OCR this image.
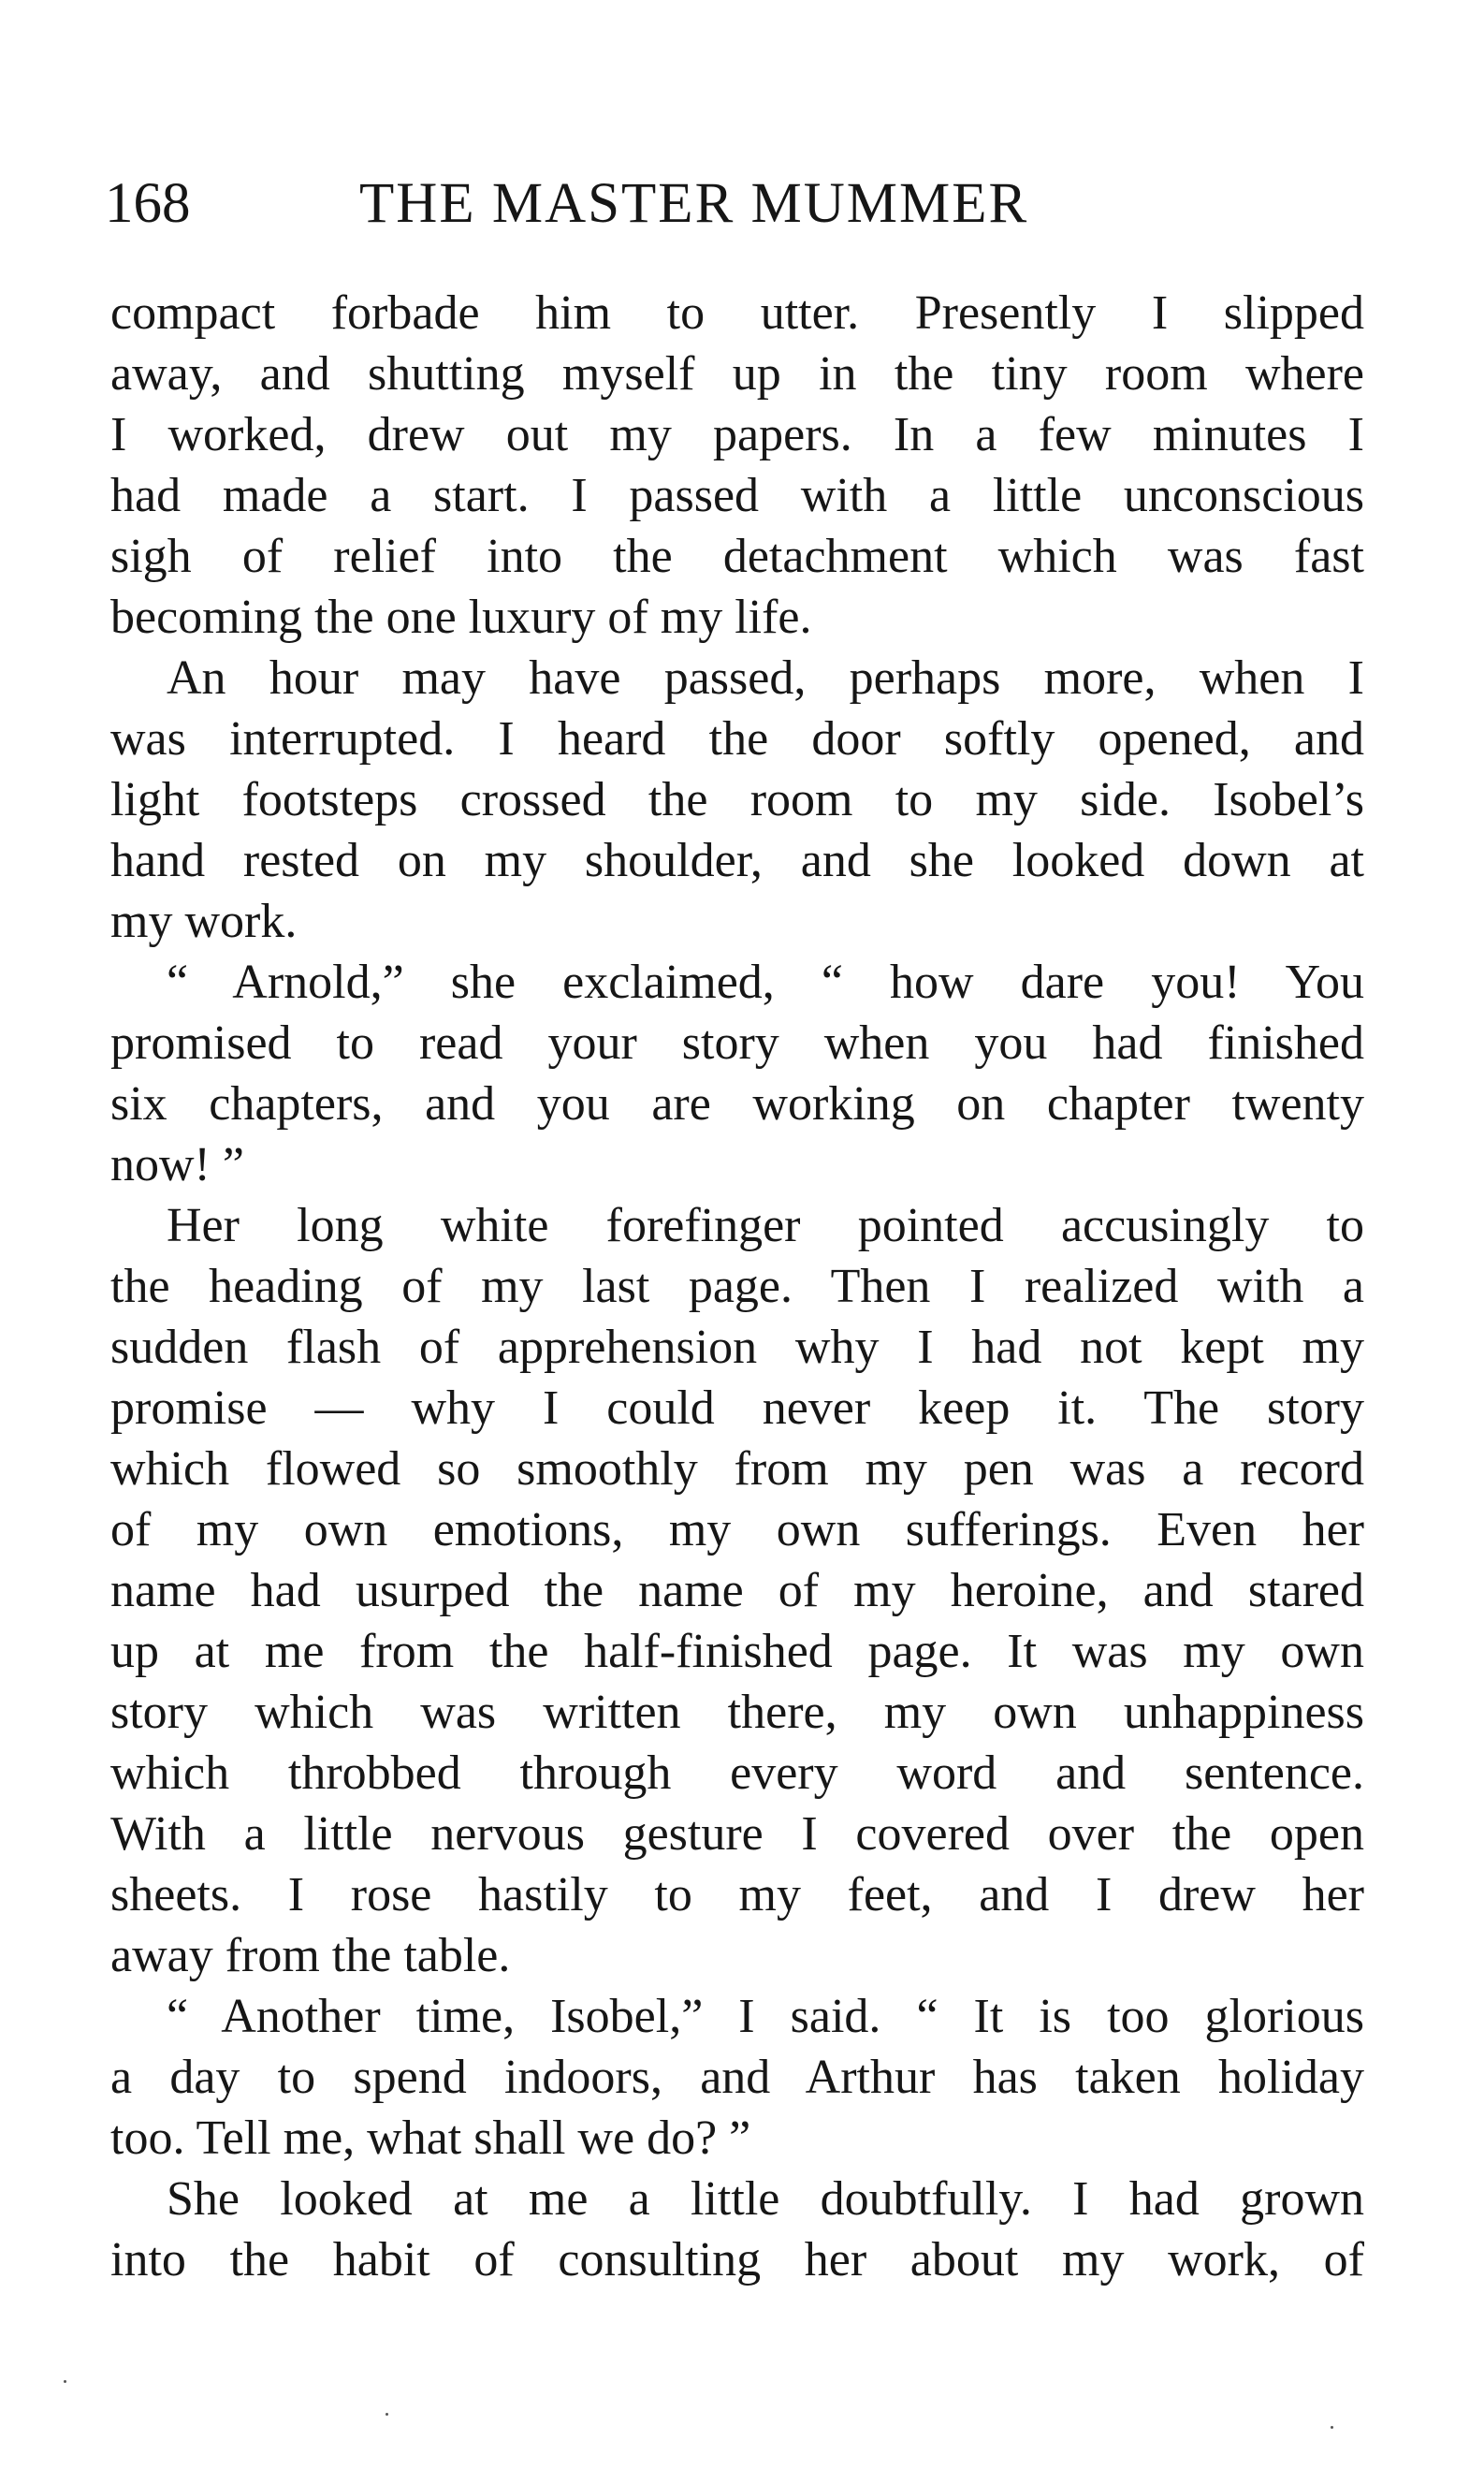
168	THE MASTER MUMMER
compact forbade him to utter. Presently I slipped
away, and shutting myself up in the tiny room where
I worked, drew out my papers. In a few minutes I
had made a start. I passed with a little unconscious
sigh of relief into the detachment which was fast
becoming the one luxury of my life.
An hour may have passed, perhaps more, when I
was interrupted. I heard the door softly opened, and
light footsteps crossed the room to my side. Isobel’s
hand rested on my shoulder, and she looked down at
my work.
“ Arnold,” she exclaimed, “ how dare you! You
promised to read your story when you had finished
six chapters, and you are working on chapter twenty
now! ”
Her long white forefinger pointed accusingly to
the heading of my last page. Then I realized with a
sudden flash of apprehension why I had not kept my
promise — why I could never keep it. The story
which flowed so smoothly from my pen was a record
of my own emotions, my own sufferings. Even her
name had usurped the name of my heroine, and stared
up at me from the half-finished page. It was my own
story which was written there, my own unhappiness
which throbbed through every word and sentence.
With a little nervous gesture I covered over the open
sheets. I rose hastily to my feet, and I drew her
away from the table.
“ Another time, Isobel,” I said. “ It is too glorious
a day to spend indoors, and Arthur has taken holiday
too. Tell me, what shall we do? ”
She looked at me a little doubtfully. I had grown
into the habit of consulting her about my work, of
